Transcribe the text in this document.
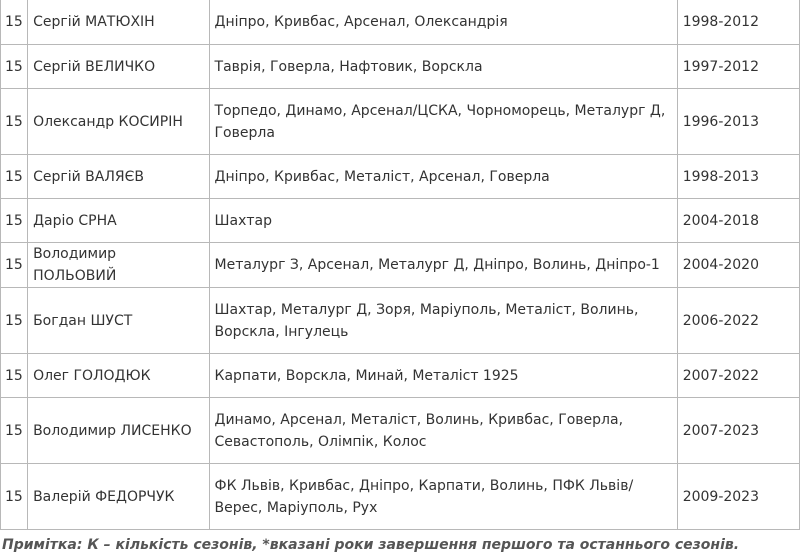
15	Сергій МАТЮХІН	Дніпро, Кривбас, Арсенал, Олександрія	1998-2012
15	Сергій ВЕЛИЧКО	Таврія, Говерла, Нафтовик, Ворскла	1997-2012
15	Олександр КОСИРІН	Торпедо, Динамо, Арсенал/ЦСКА, Чорноморець, Металург Д, Говерла	1996-2013
15	Сергій ВАЛЯЄВ	Дніпро, Кривбас, Металіст, Арсенал, Говерла	1998-2013
15	Даріо СРНА	Шахтар	2004-2018
15	Володимир ПОЛЬОВИЙ	Металург З, Арсенал, Металург Д, Дніпро, Волинь, Дніпро-1	2004-2020
15	Богдан ШУСТ	Шахтар, Металург Д, Зоря, Маріуполь, Металіст, Волинь, Ворскла, Інгулець	2006-2022
15	Олег ГОЛОДЮК	Карпати, Ворскла, Минай, Металіст 1925	2007-2022
15	Володимир ЛИСЕНКО	Динамо, Арсенал, Металіст, Волинь, Кривбас, Говерла, Севастополь, Олімпік, Колос	2007-2023
15	Валерій ФЕДОРЧУК	ФК Львів, Кривбас, Дніпро, Карпати, Волинь, ПФК Львів/Верес, Маріуполь, Рух	2009-2023
Примітка: К – кількість сезонів, *вказані роки завершення першого та останнього сезонів.
